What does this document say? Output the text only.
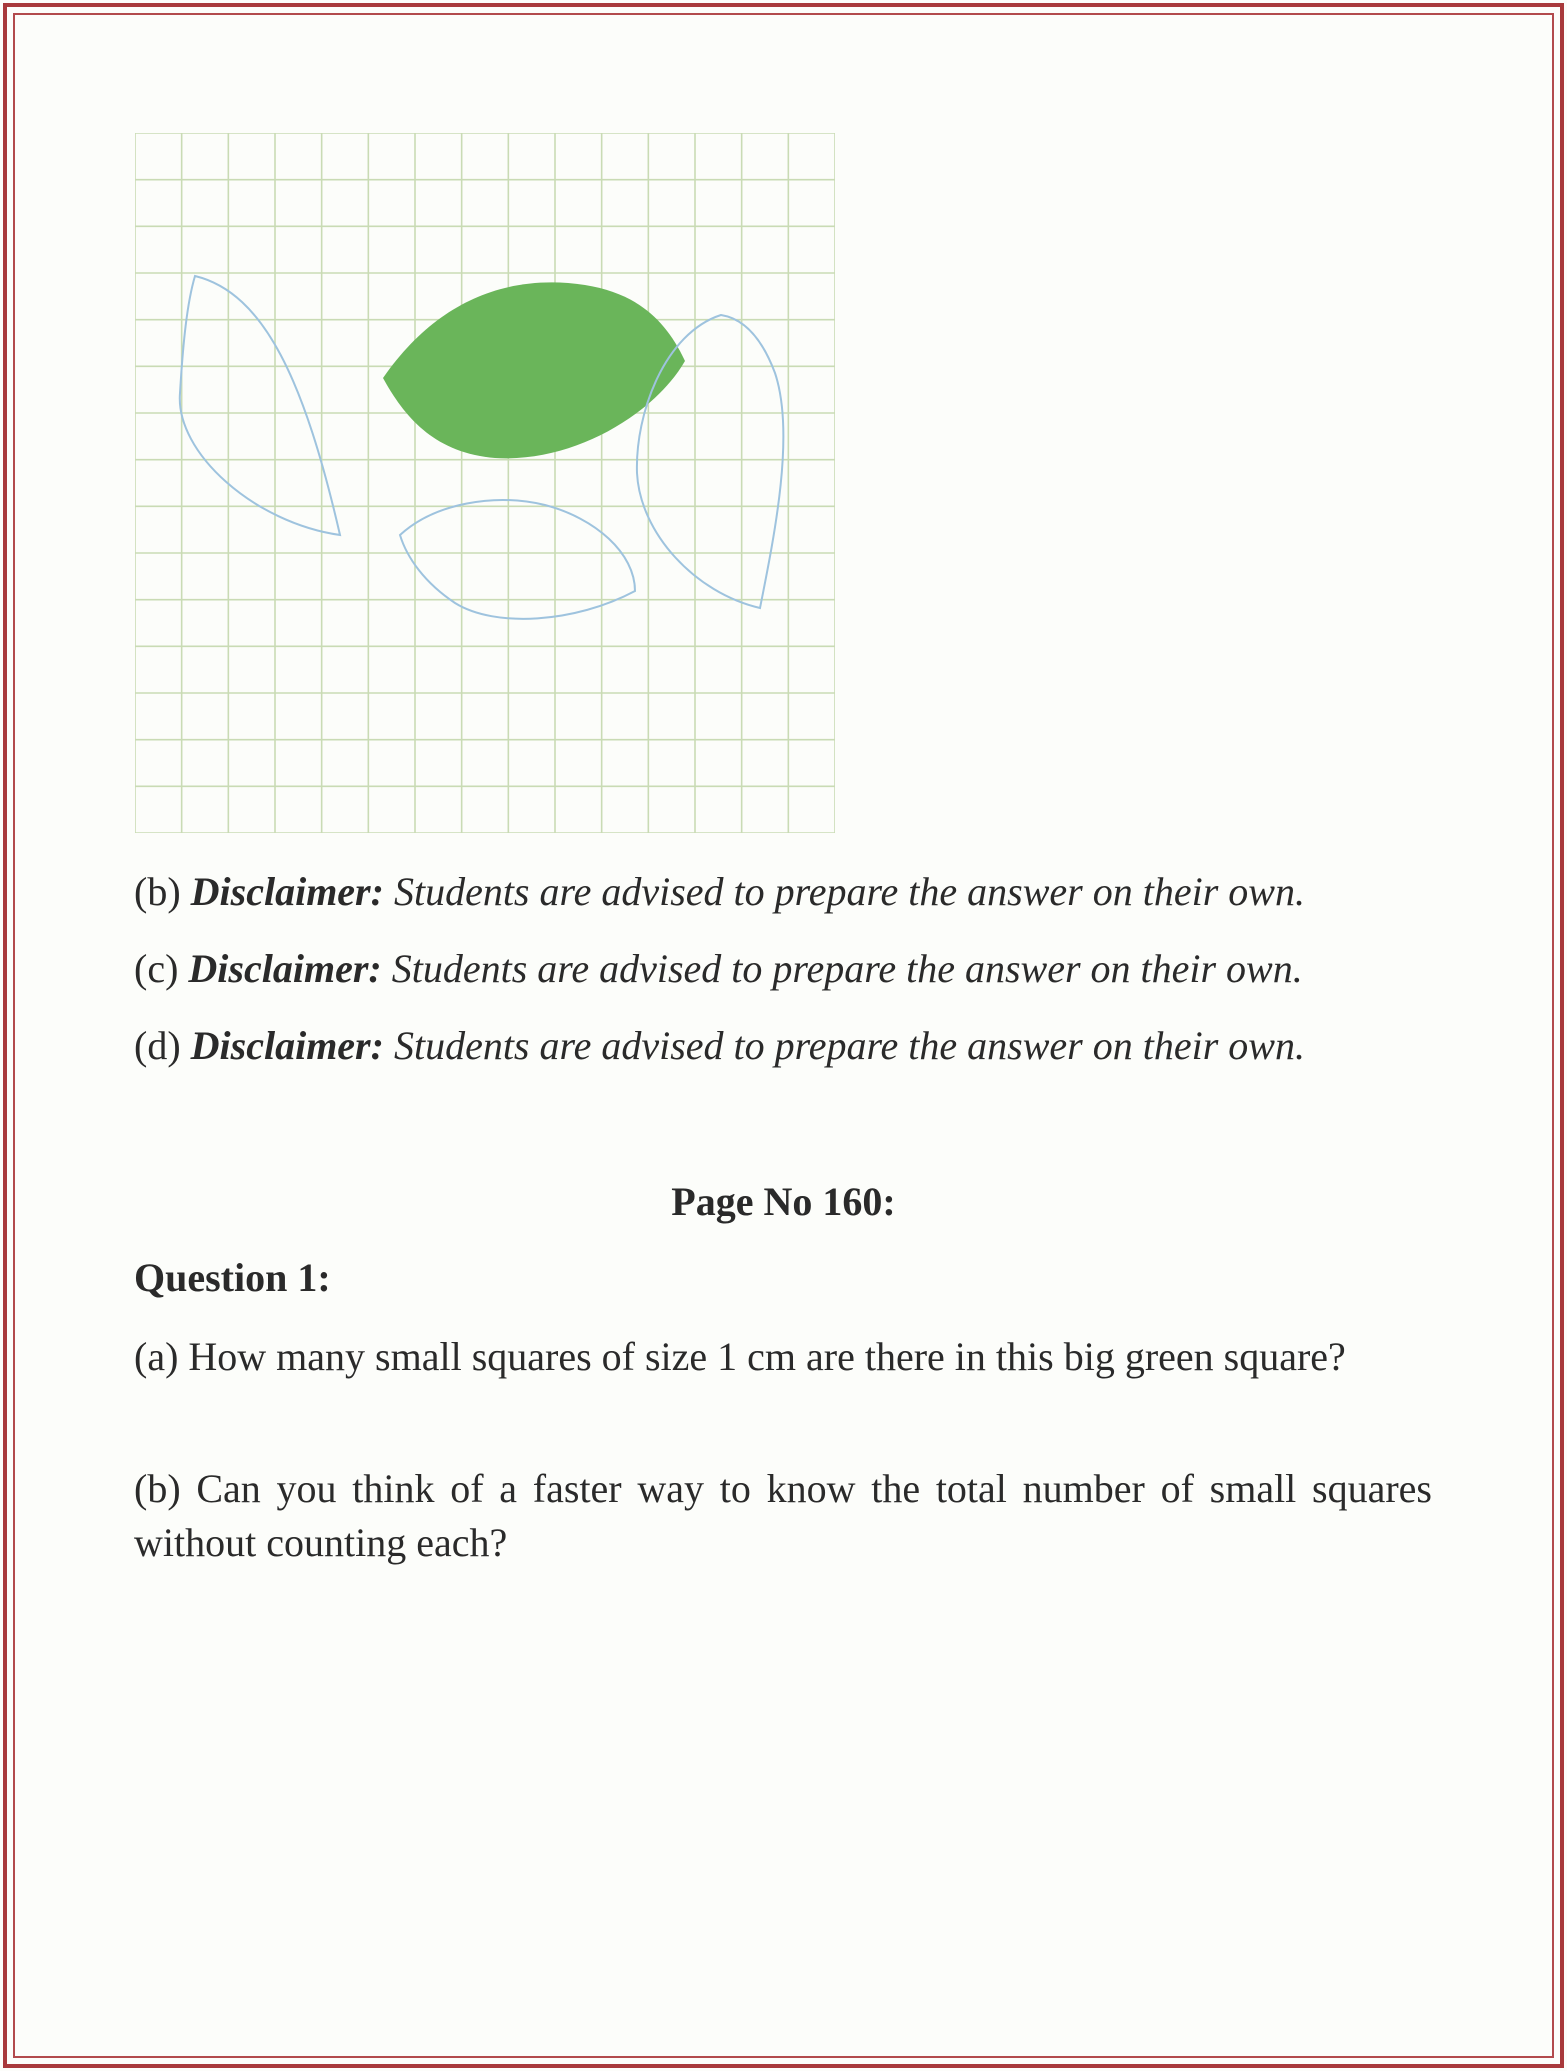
(b) Disclaimer: Students are advised to prepare the answer on their own.
(c) Disclaimer: Students are advised to prepare the answer on their own.
(d) Disclaimer: Students are advised to prepare the answer on their own.
Page No 160:
Question 1:
(a) How many small squares of size 1 cm are there in this big green square?
(b) Can you think of a faster way to know the total number of small squares without counting each?
